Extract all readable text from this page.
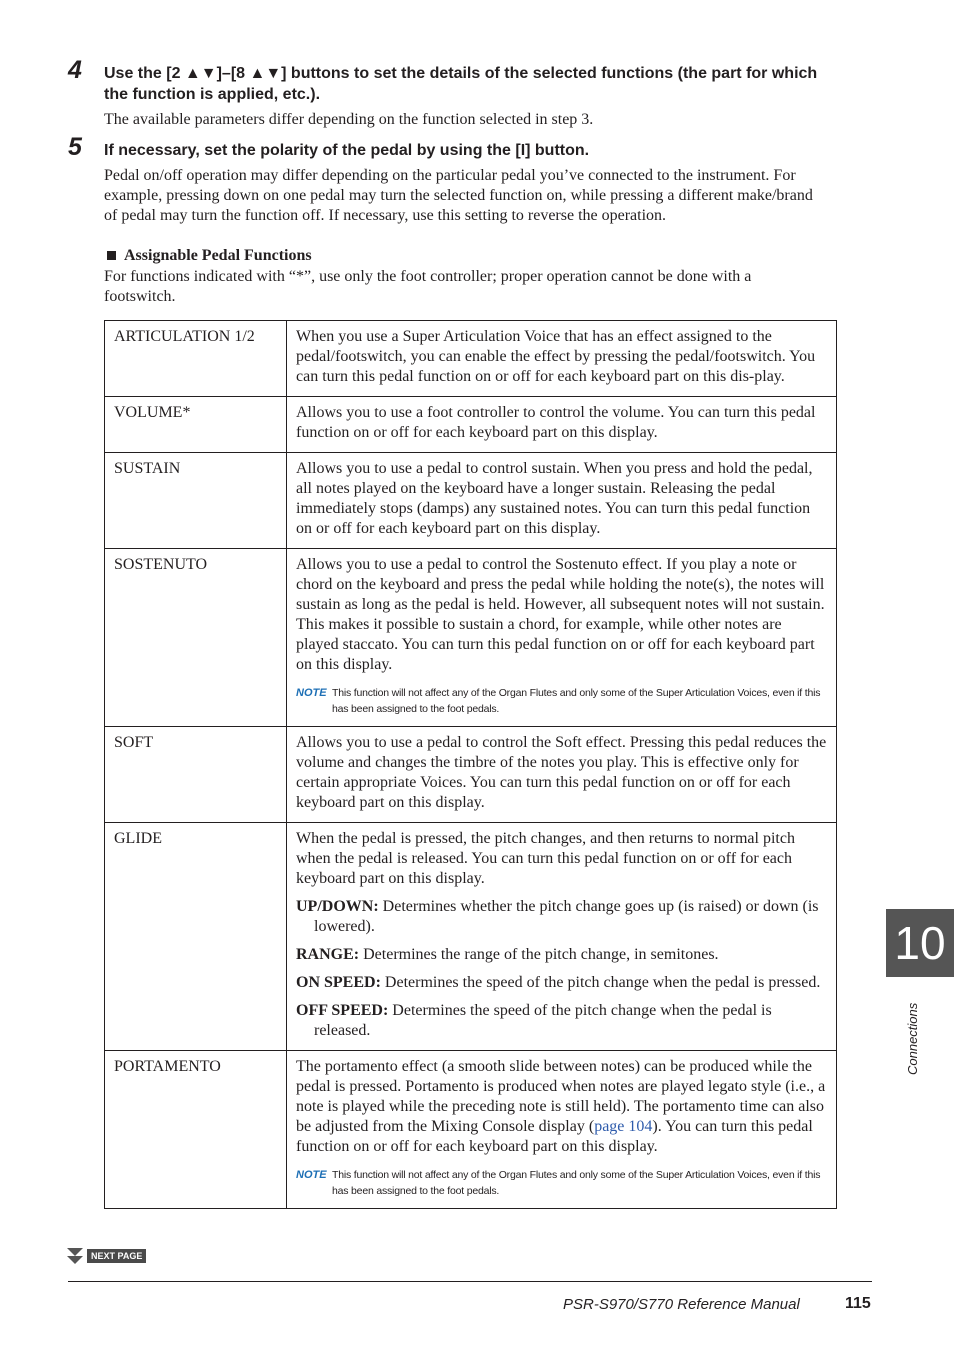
4 Use the [2 ▲▼]–[8 ▲▼] buttons to set the details of the selected functions (the part for which the function is applied, etc.).
The available parameters differ depending on the function selected in step 3.
5 If necessary, set the polarity of the pedal by using the [I] button.
Pedal on/off operation may differ depending on the particular pedal you’ve connected to the instrument. For example, pressing down on one pedal may turn the selected function on, while pressing a different make/brand of pedal may turn the function off. If necessary, use this setting to reverse the operation.
Assignable Pedal Functions
For functions indicated with “*”, use only the foot controller; proper operation cannot be done with a footswitch.
ARTICULATION 1/2	When you use a Super Articulation Voice that has an effect assigned to the pedal/footswitch, you can enable the effect by pressing the pedal/footswitch. You can turn this pedal function on or off for each keyboard part on this dis-play.

VOLUME*	Allows you to use a foot controller to control the volume. You can turn this pedal function on or off for each keyboard part on this display.

SUSTAIN	Allows you to use a pedal to control sustain. When you press and hold the pedal, all notes played on the keyboard have a longer sustain. Releasing the pedal immediately stops (damps) any sustained notes. You can turn this pedal function on or off for each keyboard part on this display.

SOSTENUTO	Allows you to use a pedal to control the Sostenuto effect. If you play a note or chord on the keyboard and press the pedal while holding the note(s), the notes will sustain as long as the pedal is held. However, all subsequent notes will not sustain. This makes it possible to sustain a chord, for example, while other notes are played staccato. You can turn this pedal function on or off for each keyboard part on this display.

NOTE This function will not affect any of the Organ Flutes and only some of the Super Articulation Voices, even if this has been assigned to the foot pedals.

SOFT	Allows you to use a pedal to control the Soft effect. Pressing this pedal reduces the volume and changes the timbre of the notes you play. This is effective only for certain appropriate Voices. You can turn this pedal function on or off for each keyboard part on this display.

GLIDE	When the pedal is pressed, the pitch changes, and then returns to normal pitch when the pedal is released. You can turn this pedal function on or off for each keyboard part on this display.

UP/DOWN: Determines whether the pitch change goes up (is raised) or down (is lowered).

RANGE: Determines the range of the pitch change, in semitones.

ON SPEED: Determines the speed of the pitch change when the pedal is pressed.

OFF SPEED: Determines the speed of the pitch change when the pedal is released.

PORTAMENTO	The portamento effect (a smooth slide between notes) can be produced while the pedal is pressed. Portamento is produced when notes are played legato style (i.e., a note is played while the preceding note is still held). The portamento time can also be adjusted from the Mixing Console display (page 104). You can turn this pedal function on or off for each keyboard part on this display.

NOTE This function will not affect any of the Organ Flutes and only some of the Super Articulation Voices, even if this has been assigned to the foot pedals.
NEXT PAGE
10
Connections
PSR-S970/S770 Reference Manual	115
